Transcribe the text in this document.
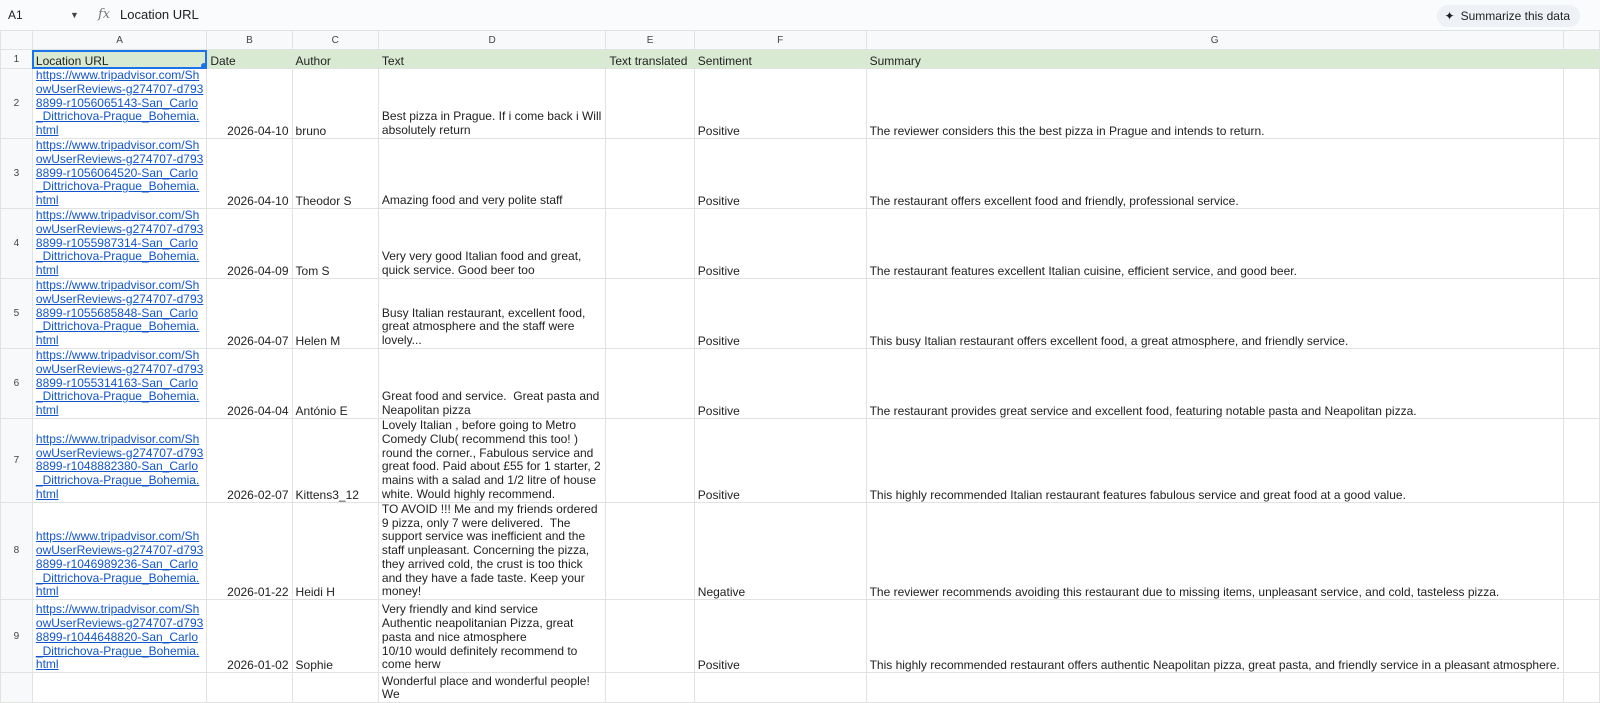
A1	▼ fx Location URL	✦ Summarize this data
	A	B	C	D	E	F	G	
1	Location URL	Date	Author	Text	Text translated	Sentiment	Summary	
2	https://www.tripadvisor.com/ShowUserReviews-g274707-d7938899-r1056065143-San_Carlo_Dittrichova-Prague_Bohemia.html	2026-04-10	bruno	Best pizza in Prague. If i come back i Will absolutely return		Positive	The reviewer considers this the best pizza in Prague and intends to return.	
3	https://www.tripadvisor.com/ShowUserReviews-g274707-d7938899-r1056064520-San_Carlo_Dittrichova-Prague_Bohemia.html	2026-04-10	Theodor S	Amazing food and very polite staff		Positive	The restaurant offers excellent food and friendly, professional service.	
4	https://www.tripadvisor.com/ShowUserReviews-g274707-d7938899-r1055987314-San_Carlo_Dittrichova-Prague_Bohemia.html	2026-04-09	Tom S	Very very good Italian food and great, quick service. Good beer too		Positive	The restaurant features excellent Italian cuisine, efficient service, and good beer.	
5	https://www.tripadvisor.com/ShowUserReviews-g274707-d7938899-r1055685848-San_Carlo_Dittrichova-Prague_Bohemia.html	2026-04-07	Helen M	Busy Italian restaurant, excellent food, great atmosphere and the staff were lovely...		Positive	This busy Italian restaurant offers excellent food, a great atmosphere, and friendly service.	
6	https://www.tripadvisor.com/ShowUserReviews-g274707-d7938899-r1055314163-San_Carlo_Dittrichova-Prague_Bohemia.html	2026-04-04	António E	Great food and service.  Great pasta and Neapolitan pizza		Positive	The restaurant provides great service and excellent food, featuring notable pasta and Neapolitan pizza.	
7	https://www.tripadvisor.com/ShowUserReviews-g274707-d7938899-r1048882380-San_Carlo_Dittrichova-Prague_Bohemia.html	2026-02-07	Kittens3_12	Lovely Italian , before going to Metro Comedy Club( recommend this too! ) round the corner., Fabulous service and great food. Paid about £55 for 1 starter, 2 mains with a salad and 1/2 litre of house white. Would highly recommend.		Positive	This highly recommended Italian restaurant features fabulous service and great food at a good value.	
8	https://www.tripadvisor.com/ShowUserReviews-g274707-d7938899-r1046989236-San_Carlo_Dittrichova-Prague_Bohemia.html	2026-01-22	Heidi H	TO AVOID !!! Me and my friends ordered 9 pizza, only 7 were delivered.  The support service was inefficient and the staff unpleasant. Concerning the pizza, they arrived cold, the crust is too thick and they have a fade taste. Keep your money!		Negative	The reviewer recommends avoiding this restaurant due to missing items, unpleasant service, and cold, tasteless pizza.	
9	https://www.tripadvisor.com/ShowUserReviews-g274707-d7938899-r1044648820-San_Carlo_Dittrichova-Prague_Bohemia.html	2026-01-02	Sophie	Very friendly and kind service
Authentic neapolitanian Pizza, great pasta and nice atmosphere
10/10 would definitely recommend to come herw		Positive	This highly recommended restaurant offers authentic Neapolitan pizza, great pasta, and friendly service in a pleasant atmosphere.	
				Wonderful place and wonderful people! We				
